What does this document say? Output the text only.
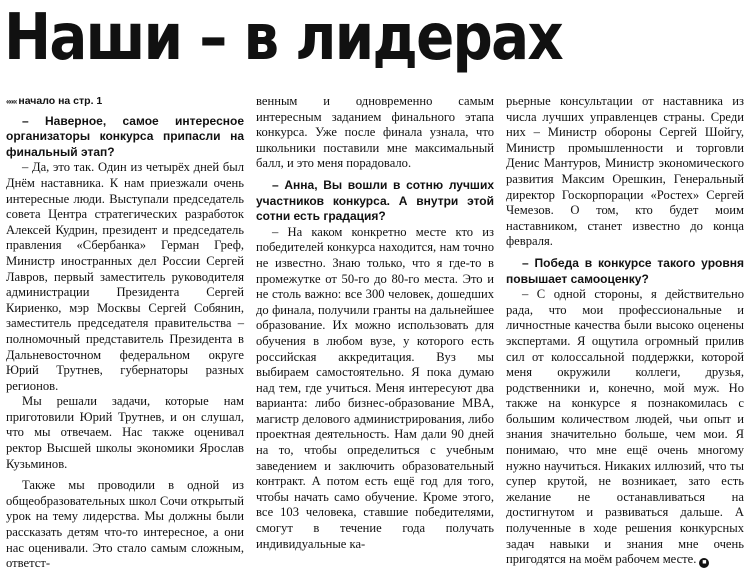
Наши – в лидерах
««« начало на стр. 1

– Наверное, самое интересное организаторы конкурса припасли на финальный этап?

– Да, это так. Один из четырёх дней был Днём наставника. К нам приезжали очень интересные люди. Выступали председатель совета Центра стратегических разработок Алексей Кудрин, президент и председатель правления «Сбербанка» Герман Греф, Министр иностранных дел России Сергей Лавров, первый заместитель руководителя администрации Президента Сергей Кириенко, мэр Москвы Сергей Собянин, заместитель председателя правительства – полномочный представитель Президента в Дальневосточном федеральном округе Юрий Трутнев, губернаторы разных регионов.

Мы решали задачи, которые нам приготовили Юрий Трутнев, и он слушал, что мы отвечаем. Нас также оценивал ректор Высшей школы экономики Ярослав Кузьминов.

Также мы проводили в одной из общеобразовательных школ Сочи открытый урок на тему лидерства. Мы должны были рассказать детям что-то интересное, а они нас оценивали. Это стало самым сложным, ответст-

венным и одновременно самым интересным заданием финального этапа конкурса. Уже после финала узнала, что школьники поставили мне максимальный балл, и это меня порадовало.

– Анна, Вы вошли в сотню лучших участников конкурса. А внутри этой сотни есть градация?

– На каком конкретно месте кто из победителей конкурса находится, нам точно не известно. Знаю только, что я где-то в промежутке от 50-го до 80-го места. Это и не столь важно: все 300 человек, дошедших до финала, получили гранты на дальнейшее образование. Их можно использовать для обучения в любом вузе, у которого есть российская аккредитация. Вуз мы выбираем самостоятельно. Я пока думаю над тем, где учиться. Меня интересуют два варианта: либо бизнес-образование MBA, магистр делового администрирования, либо проектная деятельность. Нам дали 90 дней на то, чтобы определиться с учебным заведением и заключить образовательный контракт. А потом есть ещё год для того, чтобы начать само обучение. Кроме этого, все 103 человека, ставшие победителями, смогут в течение года получать индивидуальные ка-

рьерные консультации от наставника из числа лучших управленцев страны. Среди них – Министр обороны Сергей Шойгу, Министр промышленности и торговли Денис Мантуров, Министр экономического развития Максим Орешкин, Генеральный директор Госкорпорации «Ростех» Сергей Чемезов. О том, кто будет моим наставником, станет известно до конца февраля.

– Победа в конкурсе такого уровня повышает самооценку?

– С одной стороны, я действительно рада, что мои профессиональные и личностные качества были высоко оценены экспертами. Я ощутила огромный прилив сил от колоссальной поддержки, которой меня окружили коллеги, друзья, родственники и, конечно, мой муж. Но также на конкурсе я познакомилась с большим количеством людей, чьи опыт и знания значительно больше, чем мои. Я понимаю, что мне ещё очень многому нужно научиться. Никаких иллюзий, что ты супер крутой, не возникает, зато есть желание не останавливаться на достигнутом и развиваться дальше. А полученные в ходе решения конкурсных задач навыки и знания мне очень пригодятся на моём рабочем месте. ■
